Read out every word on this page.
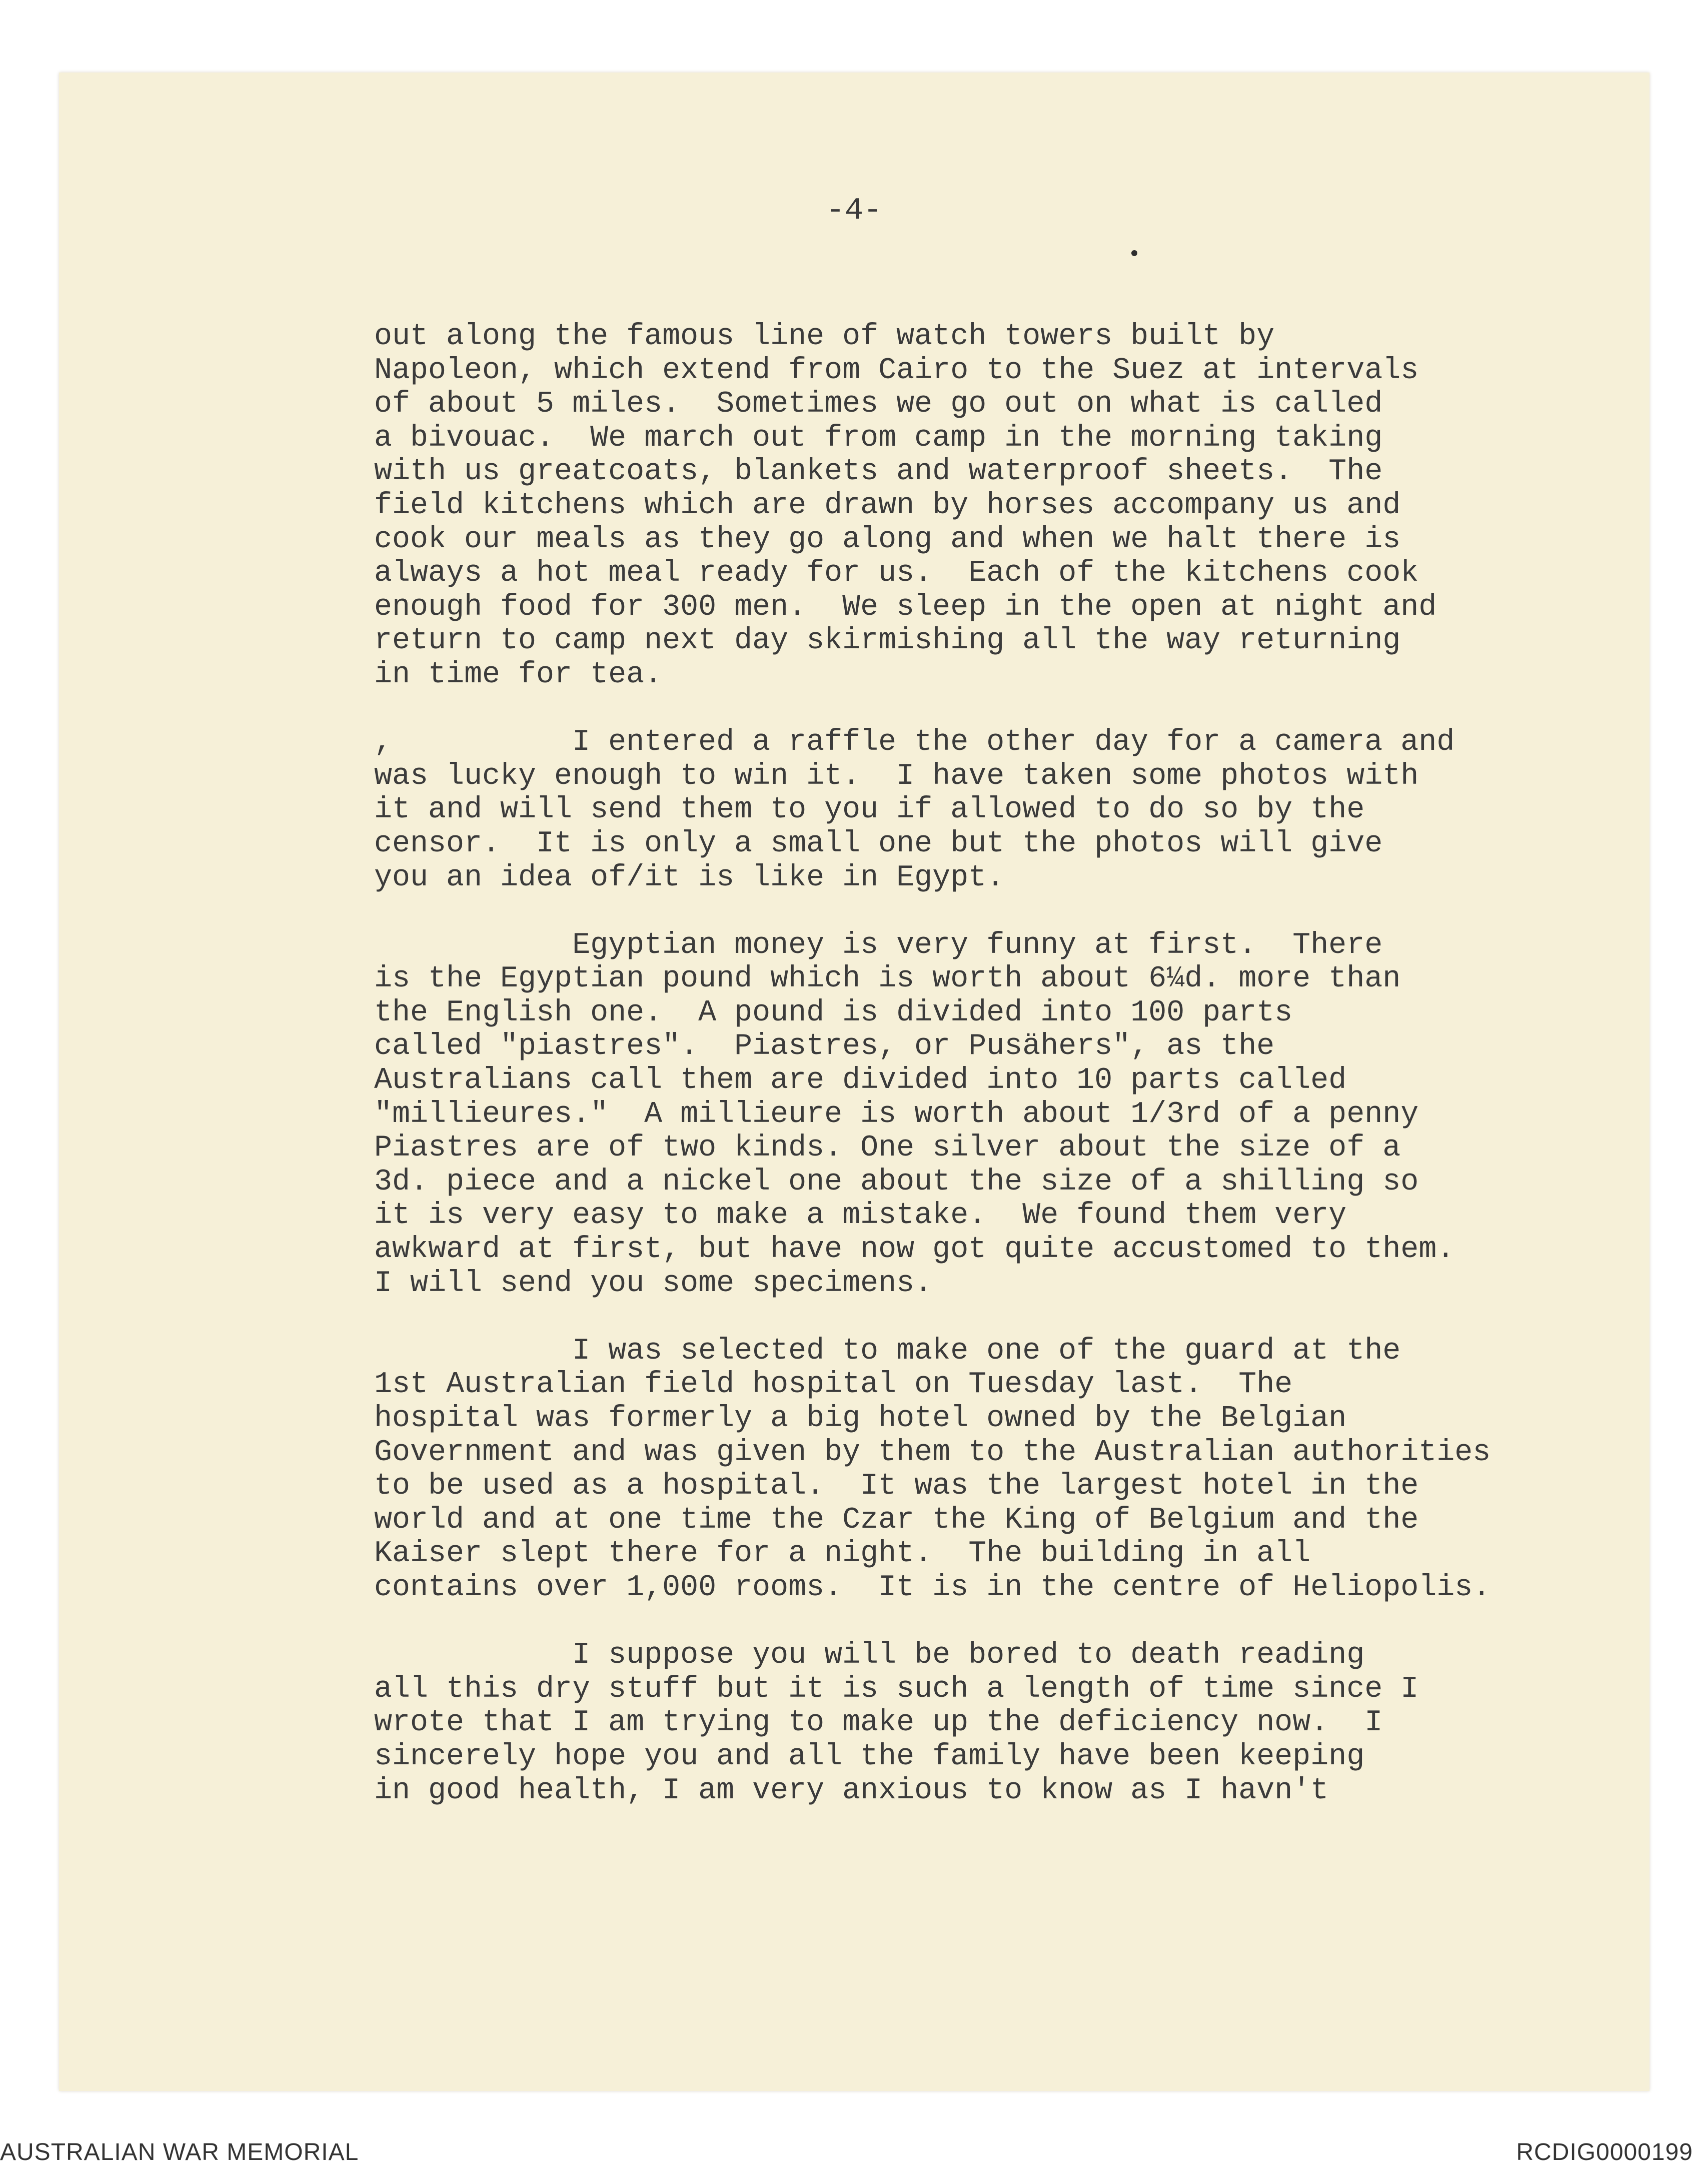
-4-
out along the famous line of watch towers built by
Napoleon, which extend from Cairo to the Suez at intervals
of about 5 miles.  Sometimes we go out on what is called
a bivouac.  We march out from camp in the morning taking
with us greatcoats, blankets and waterproof sheets.  The
field kitchens which are drawn by horses accompany us and
cook our meals as they go along and when we halt there is
always a hot meal ready for us.  Each of the kitchens cook
enough food for 300 men.  We sleep in the open at night and
return to camp next day skirmishing all the way returning
in time for tea.
,          I entered a raffle the other day for a camera and
was lucky enough to win it.  I have taken some photos with
it and will send them to you if allowed to do so by the
censor.  It is only a small one but the photos will give
you an idea of/it is like in Egypt.
Egyptian money is very funny at first.  There
is the Egyptian pound which is worth about 6¼d. more than
the English one.  A pound is divided into 100 parts
called "piastres".  Piastres, or Pusähers", as the
Australians call them are divided into 10 parts called
"millieures."  A millieure is worth about 1/3rd of a penny
Piastres are of two kinds. One silver about the size of a
3d. piece and a nickel one about the size of a shilling so
it is very easy to make a mistake.  We found them very
awkward at first, but have now got quite accustomed to them.
I will send you some specimens.
I was selected to make one of the guard at the
1st Australian field hospital on Tuesday last.  The
hospital was formerly a big hotel owned by the Belgian
Government and was given by them to the Australian authorities
to be used as a hospital.  It was the largest hotel in the
world and at one time the Czar the King of Belgium and the
Kaiser slept there for a night.  The building in all
contains over 1,000 rooms.  It is in the centre of Heliopolis.
I suppose you will be bored to death reading
all this dry stuff but it is such a length of time since I
wrote that I am trying to make up the deficiency now.  I
sincerely hope you and all the family have been keeping
in good health, I am very anxious to know as I havn't
AUSTRALIAN WAR MEMORIAL	RCDIG0000199
